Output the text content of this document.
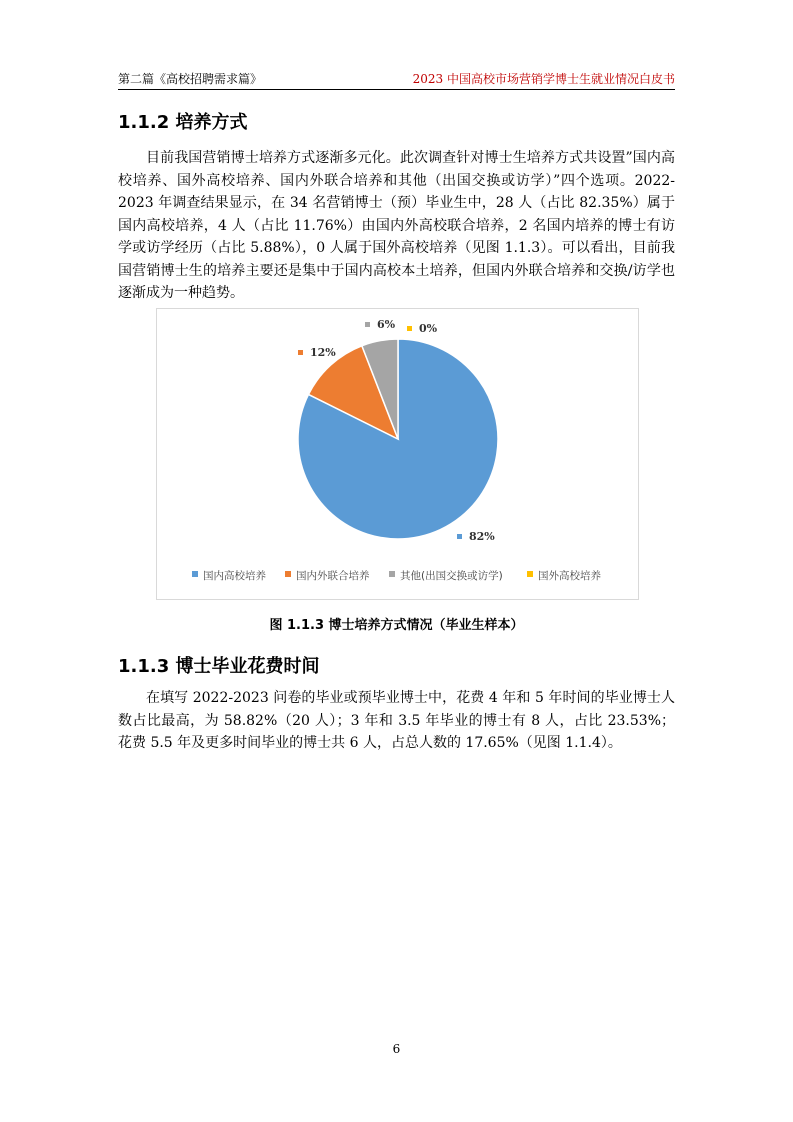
第二篇《高校招聘需求篇》	2023 中国高校市场营销学博士生就业情况白皮书
1.1.2 培养方式

目前我国营销博士培养方式逐渐多元化。此次调查针对博士生培养方式共设置”国内高校培养、国外高校培养、国内外联合培养和其他（出国交换或访学）”四个选项。2022-2023 年调查结果显示，在 34 名营销博士（预）毕业生中，28 人（占比 82.35%）属于国内高校培养，4 人（占比 11.76%）由国内外高校联合培养，2 名国内培养的博士有访学或访学经历（占比 5.88%），0 人属于国外高校培养（见图 1.1.3）。可以看出，目前我国营销博士生的培养主要还是集中于国内高校本土培养，但国内外联合培养和交换/访学也逐渐成为一种趋势。

82%
12%
6% 0%
国内高校培养	国内外联合培养	其他(出国交换或访学)	国外高校培养
图 1.1.3 博士培养方式情况（毕业生样本）
1.1.3 博士毕业花费时间

在填写 2022-2023 问卷的毕业或预毕业博士中，花费 4 年和 5 年时间的毕业博士人数占比最高，为 58.82%（20 人）；3 年和 3.5 年毕业的博士有 8 人，占比 23.53%；花费 5.5 年及更多时间毕业的博士共 6 人，占总人数的 17.65%（见图 1.1.4）。

6
